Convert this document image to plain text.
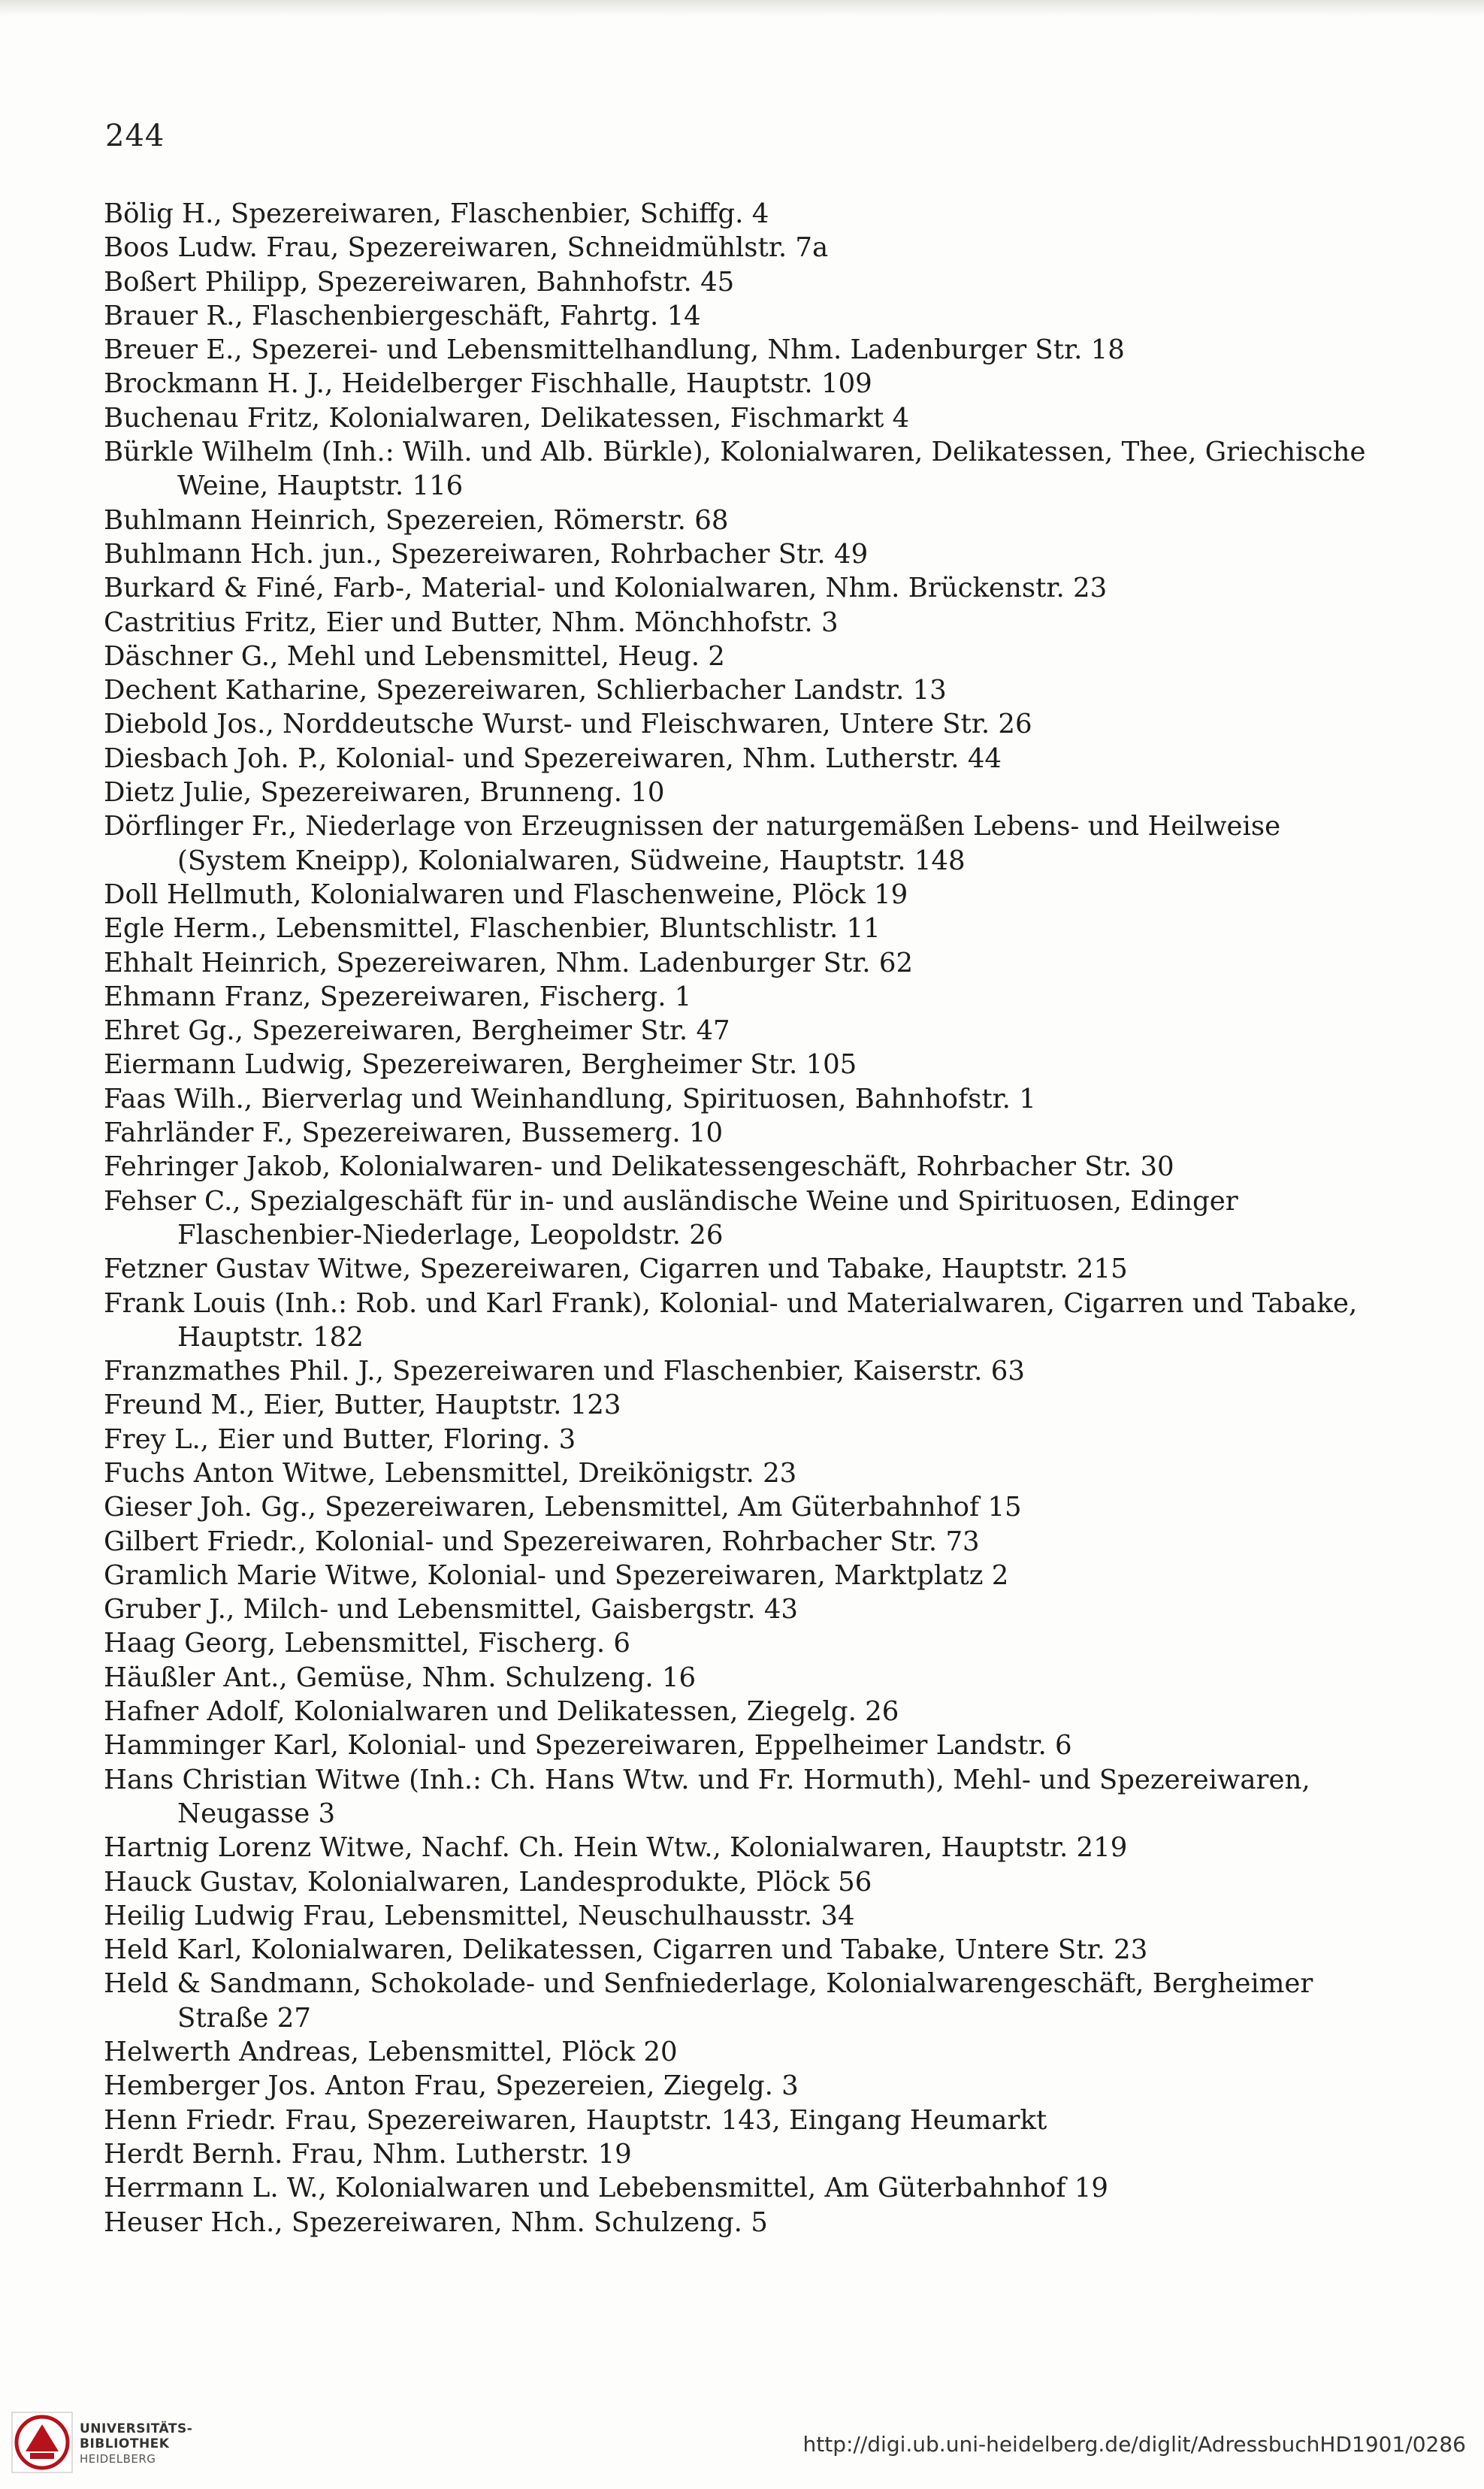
244
Bölig H., Spezereiwaren, Flaschenbier, Schiffg. 4
Boos Ludw. Frau, Spezereiwaren, Schneidmühlstr. 7a
Boßert Philipp, Spezereiwaren, Bahnhofstr. 45
Brauer R., Flaschenbiergeschäft, Fahrtg. 14
Breuer E., Spezerei- und Lebensmittelhandlung, Nhm. Ladenburger Str. 18
Brockmann H. J., Heidelberger Fischhalle, Hauptstr. 109
Buchenau Fritz, Kolonialwaren, Delikatessen, Fischmarkt 4
Bürkle Wilhelm (Inh.: Wilh. und Alb. Bürkle), Kolonialwaren, Delikatessen, Thee, Griechische Weine, Hauptstr. 116
Buhlmann Heinrich, Spezereien, Römerstr. 68
Buhlmann Hch. jun., Spezereiwaren, Rohrbacher Str. 49
Burkard & Finé, Farb-, Material- und Kolonialwaren, Nhm. Brückenstr. 23
Castritius Fritz, Eier und Butter, Nhm. Mönchhofstr. 3
Däschner G., Mehl und Lebensmittel, Heug. 2
Dechent Katharine, Spezereiwaren, Schlierbacher Landstr. 13
Diebold Jos., Norddeutsche Wurst- und Fleischwaren, Untere Str. 26
Diesbach Joh. P., Kolonial- und Spezereiwaren, Nhm. Lutherstr. 44
Dietz Julie, Spezereiwaren, Brunneng. 10
Dörflinger Fr., Niederlage von Erzeugnissen der naturgemäßen Lebens- und Heilweise (System Kneipp), Kolonialwaren, Südweine, Hauptstr. 148
Doll Hellmuth, Kolonialwaren und Flaschenweine, Plöck 19
Egle Herm., Lebensmittel, Flaschenbier, Bluntschlistr. 11
Ehhalt Heinrich, Spezereiwaren, Nhm. Ladenburger Str. 62
Ehmann Franz, Spezereiwaren, Fischerg. 1
Ehret Gg., Spezereiwaren, Bergheimer Str. 47
Eiermann Ludwig, Spezereiwaren, Bergheimer Str. 105
Faas Wilh., Bierverlag und Weinhandlung, Spirituosen, Bahnhofstr. 1
Fahrländer F., Spezereiwaren, Bussemerg. 10
Fehringer Jakob, Kolonialwaren- und Delikatessengeschäft, Rohrbacher Str. 30
Fehser C., Spezialgeschäft für in- und ausländische Weine und Spirituosen, Edinger Flaschenbier-Niederlage, Leopoldstr. 26
Fetzner Gustav Witwe, Spezereiwaren, Cigarren und Tabake, Hauptstr. 215
Frank Louis (Inh.: Rob. und Karl Frank), Kolonial- und Materialwaren, Cigarren und Tabake, Hauptstr. 182
Franzmathes Phil. J., Spezereiwaren und Flaschenbier, Kaiserstr. 63
Freund M., Eier, Butter, Hauptstr. 123
Frey L., Eier und Butter, Floring. 3
Fuchs Anton Witwe, Lebensmittel, Dreikönigstr. 23
Gieser Joh. Gg., Spezereiwaren, Lebensmittel, Am Güterbahnhof 15
Gilbert Friedr., Kolonial- und Spezereiwaren, Rohrbacher Str. 73
Gramlich Marie Witwe, Kolonial- und Spezereiwaren, Marktplatz 2
Gruber J., Milch- und Lebensmittel, Gaisbergstr. 43
Haag Georg, Lebensmittel, Fischerg. 6
Häußler Ant., Gemüse, Nhm. Schulzeng. 16
Hafner Adolf, Kolonialwaren und Delikatessen, Ziegelg. 26
Hamminger Karl, Kolonial- und Spezereiwaren, Eppelheimer Landstr. 6
Hans Christian Witwe (Inh.: Ch. Hans Wtw. und Fr. Hormuth), Mehl- und Spezereiwaren, Neugasse 3
Hartnig Lorenz Witwe, Nachf. Ch. Hein Wtw., Kolonialwaren, Hauptstr. 219
Hauck Gustav, Kolonialwaren, Landesprodukte, Plöck 56
Heilig Ludwig Frau, Lebensmittel, Neuschulhausstr. 34
Held Karl, Kolonialwaren, Delikatessen, Cigarren und Tabake, Untere Str. 23
Held & Sandmann, Schokolade- und Senfniederlage, Kolonialwarengeschäft, Bergheimer Straße 27
Helwerth Andreas, Lebensmittel, Plöck 20
Hemberger Jos. Anton Frau, Spezereien, Ziegelg. 3
Henn Friedr. Frau, Spezereiwaren, Hauptstr. 143, Eingang Heumarkt
Herdt Bernh. Frau, Nhm. Lutherstr. 19
Herrmann L. W., Kolonialwaren und Lebebensmittel, Am Güterbahnhof 19
Heuser Hch., Spezereiwaren, Nhm. Schulzeng. 5
UNIVERSITÄTS-
BIBLIOTHEK
HEIDELBERG
http://digi.ub.uni-heidelberg.de/diglit/AdressbuchHD1901/0286
